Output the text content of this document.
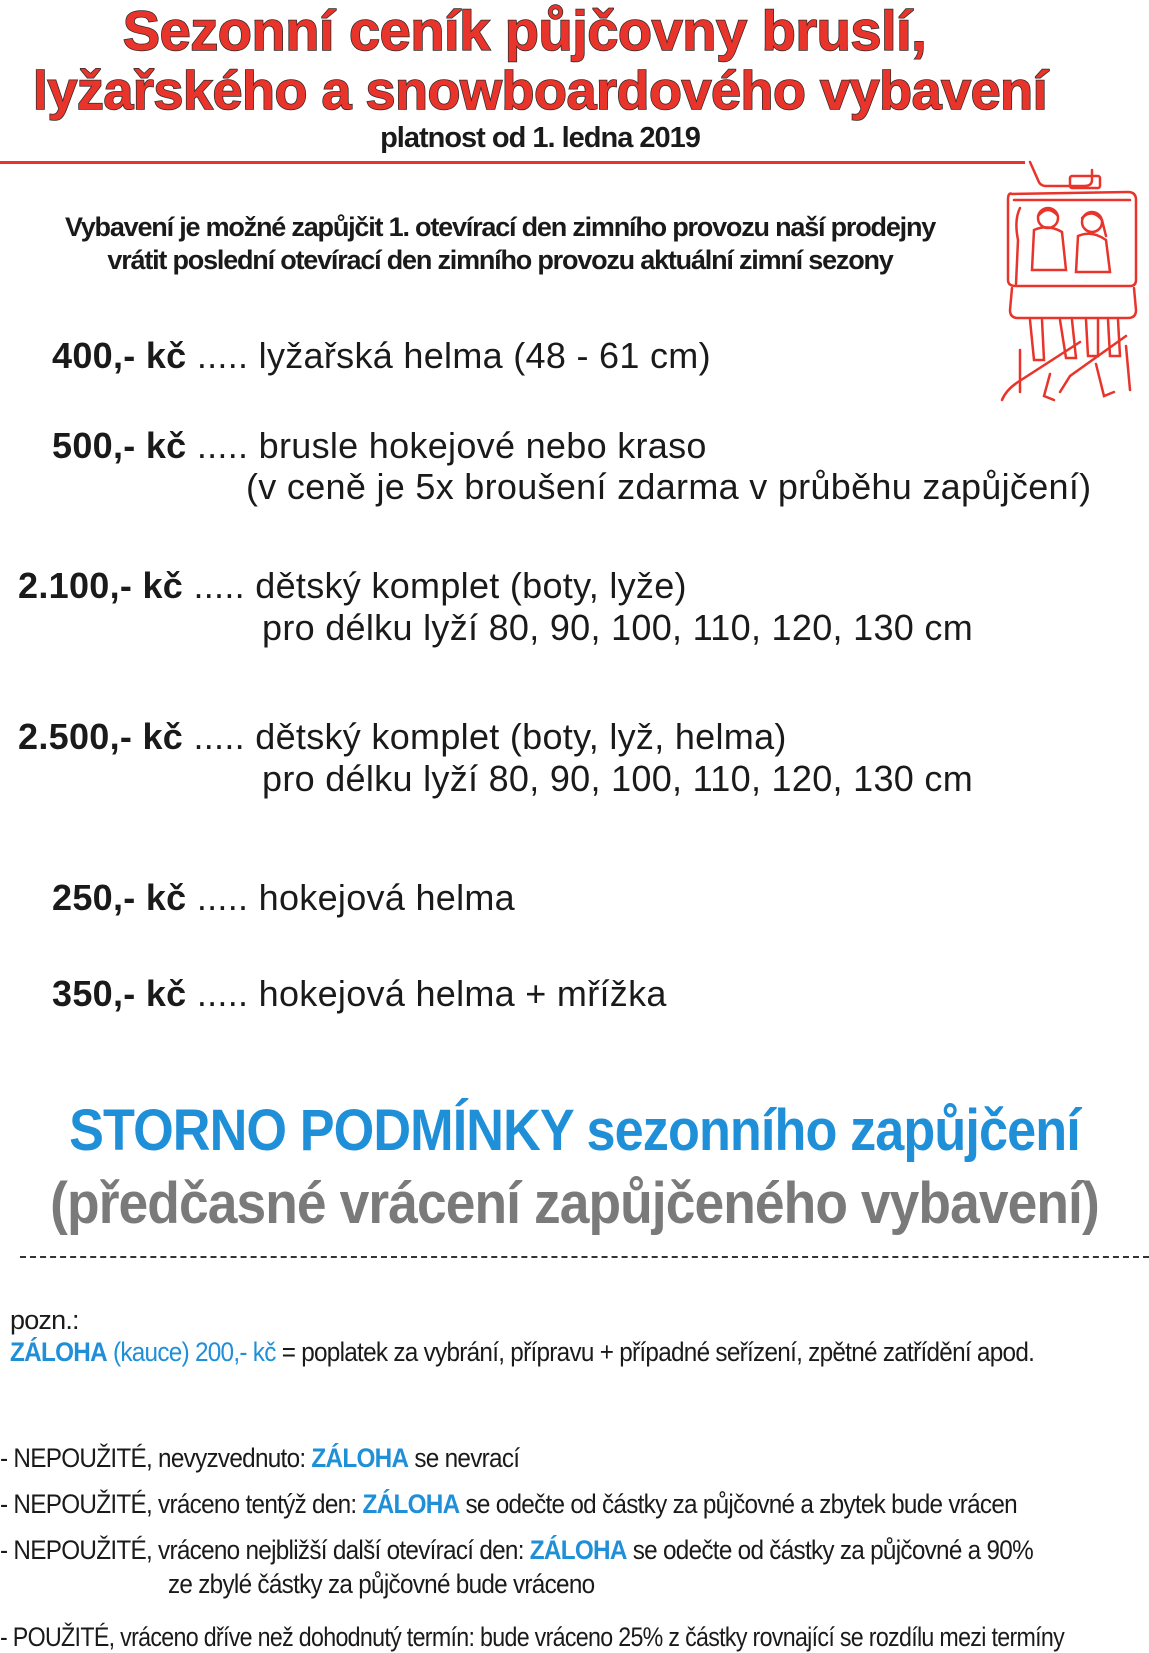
Sezonní ceník půjčovny bruslí,
lyžařského a snowboardového vybavení
platnost od 1. ledna 2019
Vybavení je možné zapůjčit 1. otevírací den zimního provozu naší prodejny
vrátit poslední otevírací den zimního provozu aktuální zimní sezony
400,- kč ..... lyžařská helma (48 - 61 cm)
500,- kč ..... brusle hokejové nebo kraso
(v ceně je 5x broušení zdarma v průběhu zapůjčení)
2.100,- kč ..... dětský komplet (boty, lyže)
pro délku lyží 80, 90, 100, 110, 120, 130 cm
2.500,- kč ..... dětský komplet (boty, lyž, helma)
pro délku lyží 80, 90, 100, 110, 120, 130 cm
250,- kč ..... hokejová helma
350,- kč ..... hokejová helma + mřížka
STORNO PODMÍNKY sezonního zapůjčení
(předčasné vrácení zapůjčeného vybavení)
pozn.:
ZÁLOHA (kauce) 200,- kč = poplatek za vybrání, přípravu + případné seřízení, zpětné zatřídění apod.
- NEPOUŽITÉ, nevyzvednuto: ZÁLOHA se nevrací
- NEPOUŽITÉ, vráceno tentýž den: ZÁLOHA se odečte od částky za půjčovné a zbytek bude vrácen
- NEPOUŽITÉ, vráceno nejbližší další otevírací den: ZÁLOHA se odečte od částky za půjčovné a 90%
ze zbylé částky za půjčovné bude vráceno
- POUŽITÉ, vráceno dříve než dohodnutý termín: bude vráceno 25% z částky rovnající se rozdílu mezi termíny
